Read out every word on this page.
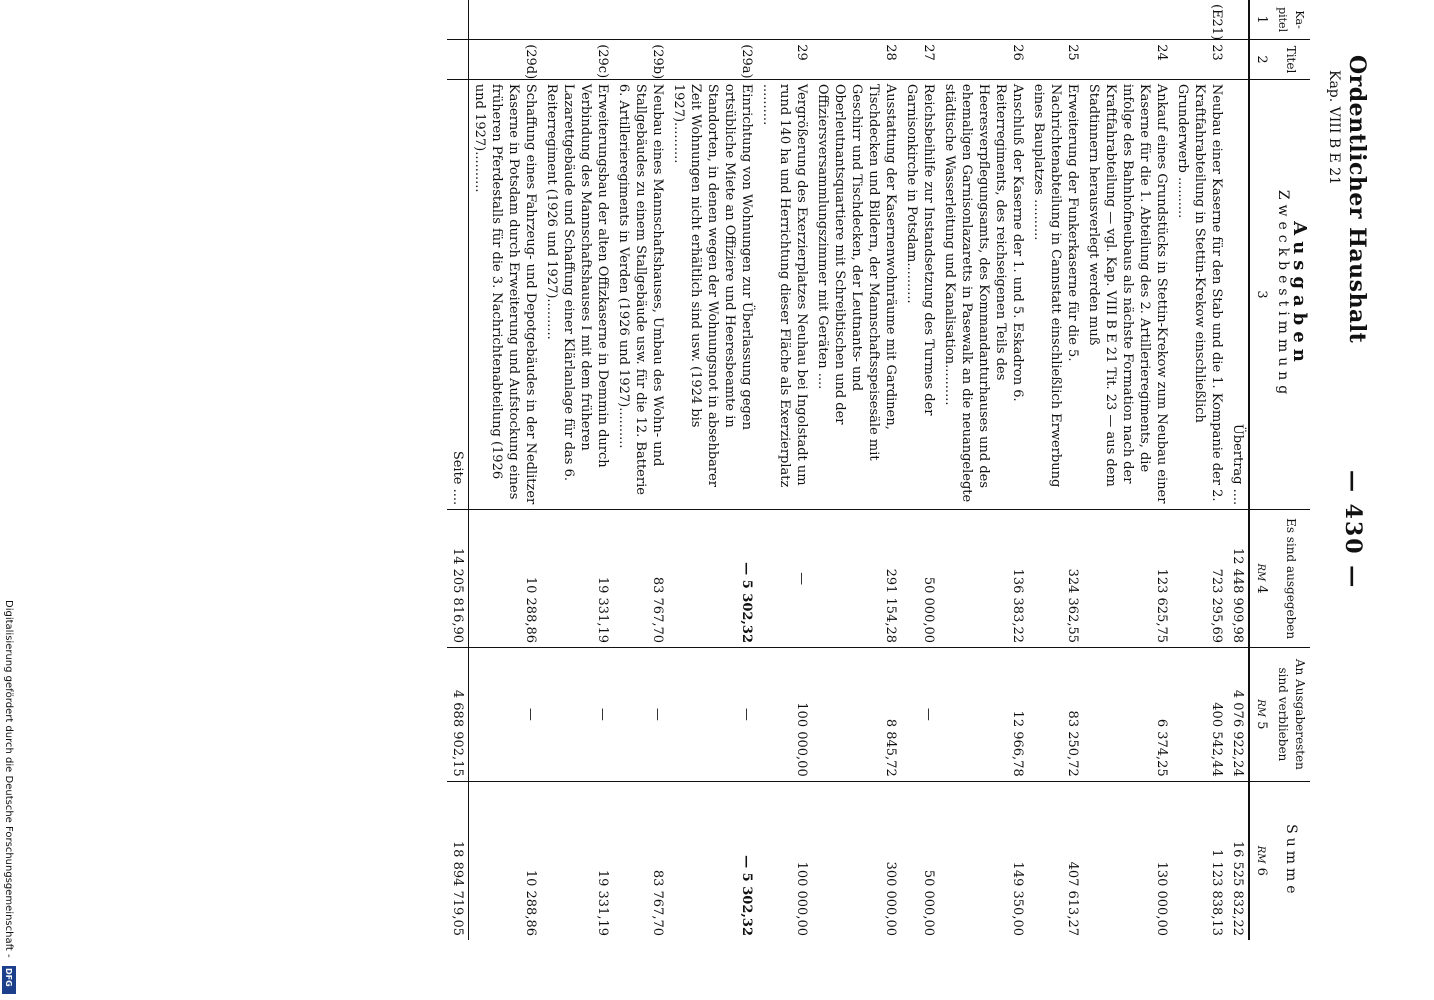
Ordentlicher Haushalt
Kap. VIII B E 21
— 430 —
Ka-pitel	Titel	Ausgaben
Zweckbestimmung	Es sind ausgegeben	An Ausgaberesten sind verblieben	Summe
1	2	3	RM 4	RM 5	RM 6
		Übertrag ....	12 448 909,98	4 076 922,24	16 525 832,22
(E21)	23	Neubau einer Kaserne für den Stab und die 1. Kompanie der 2. Kraftfahrabteilung in Stettin-Krekow einschließlich Grunderwerb ..........	723 295,69	400 542,44	1 123 838,13
	24	Ankauf eines Grundstücks in Stettin-Krekow zum Neubau einer Kaserne für die 1. Abteilung des 2. Artillerieregiments, die infolge des Bahnhofneubaus als nächste Formation nach der Kraftfahrabteilung — vgl. Kap. VIII B E 21 Tit. 23 — aus dem Stadtinnern herausverlegt werden muß	123 625,75	6 374,25	130 000,00
	25	Erweiterung der Funkerkaserne für die 5. Nachrichtenabteilung in Cannstatt einschließlich Erwerbung eines Bauplatzes ..........	324 362,55	83 250,72	407 613,27
	26	Anschluß der Kaserne der 1. und 5. Eskadron 6. Reiterregiments, des reichseigenen Teils des Heeresverpflegungsamts, des Kommandanturhauses und des ehemaligen Garnisonlazaretts in Pasewalk an die neuangelegte städtische Wasserleitung und Kanalisation..........	136 383,22	12 966,78	149 350,00
	27	Reichsbeihilfe zur Instandsetzung des Turmes der Garnisonkirche in Potsdam..........	50 000,00	—	50 000,00
	28	Ausstattung der Kasernenwohnräume mit Gardinen, Tischdecken und Bildern, der Mannschaftsspeisesäle mit Geschirr und Tischdecken, der Leutnants- und Oberleutnantsquartiere mit Schreibtischen und der Offiziersversammlungszimmer mit Geräten ....	291 154,28	8 845,72	300 000,00
	29	Vergrößerung des Exerzierplatzes Neuhau bei Ingolstadt um rund 140 ha und Herrichtung dieser Fläche als Exerzierplatz ..........	—	100 000,00	100 000,00
	(29a)	Einrichtung von Wohnungen zur Überlassung gegen ortsübliche Miete an Offiziere und Heeresbeamte in Standorten, in denen wegen der Wohnungsnot in absehbarer Zeit Wohnungen nicht erhältlich sind usw. (1924 bis 1927)..........	— 5 302,32	—	— 5 302,32
	(29b)	Neubau eines Mannschaftshauses, Umbau des Wohn- und Stallgebäudes zu einem Stallgebäude usw. für die 12. Batterie 6. Artillerieregiments in Verden (1926 und 1927)..........	83 767,70	—	83 767,70
	(29c)	Erweiterungsbau der alten Offizkaserne in Demmin durch Verbindung des Mannschaftshauses I mit dem früheren Lazarettgebäude und Schaffung einer Klärlanlage für das 6. Reiterregiment (1926 und 1927)..........	19 331,19	—	19 331,19
	(29d)	Schaffung eines Fahrzeug- und Depotgebäudes in der Nedlitzer Kaserne in Potsdam durch Erweiterung und Aufstockung eines früheren Pferdestalls für die 3. Nachrichtenabteilung (1926 und 1927)..........	10 288,86	—	10 288,86
		Seite ....	14 205 816,90	4 688 902,15	18 894 719,05
Digitalisierung gefördert durch die Deutsche Forschungsgemeinschaft -
DFG
